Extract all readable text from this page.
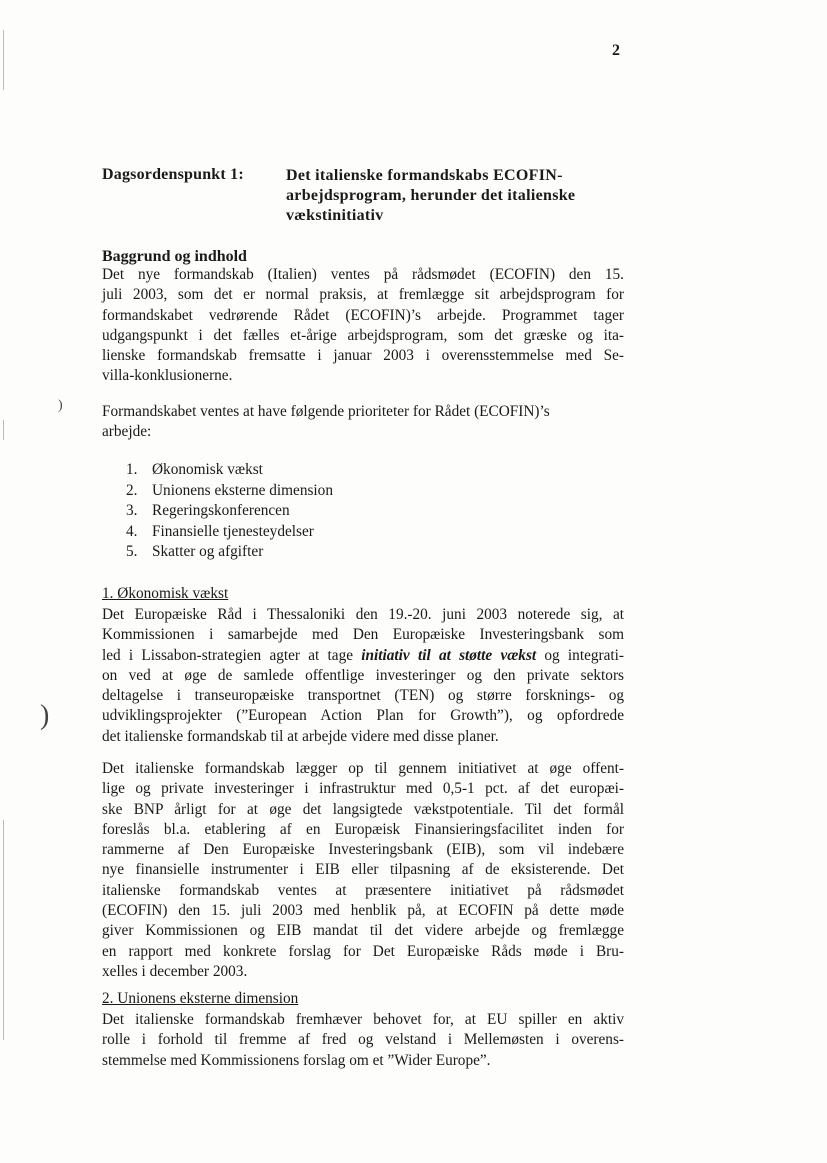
)
)
2
Dagsordenspunkt 1:	Det italienske formandskabs ECOFIN-
arbejdsprogram, herunder det italienske
vækstinitiativ
Baggrund og indhold
Det nye formandskab (Italien) ventes på rådsmødet (ECOFIN) den 15.
juli 2003, som det er normal praksis, at fremlægge sit arbejdsprogram for
formandskabet vedrørende Rådet (ECOFIN)’s arbejde. Programmet tager
udgangspunkt i det fælles et-årige arbejdsprogram, som det græske og ita-
lienske formandskab fremsatte i januar 2003 i overensstemmelse med Se-
villa-konklusionerne.
Formandskabet ventes at have følgende prioriteter for Rådet (ECOFIN)’s
arbejde:
1. Økonomisk vækst
2. Unionens eksterne dimension
3. Regeringskonferencen
4. Finansielle tjenesteydelser
5. Skatter og afgifter
1. Økonomisk vækst
Det Europæiske Råd i Thessaloniki den 19.-20. juni 2003 noterede sig, at
Kommissionen i samarbejde med Den Europæiske Investeringsbank som
led i Lissabon-strategien agter at tage initiativ til at støtte vækst og integrati-
on ved at øge de samlede offentlige investeringer og den private sektors
deltagelse i transeuropæiske transportnet (TEN) og større forsknings- og
udviklingsprojekter (”European Action Plan for Growth”), og opfordrede
det italienske formandskab til at arbejde videre med disse planer.
Det italienske formandskab lægger op til gennem initiativet at øge offent-
lige og private investeringer i infrastruktur med 0,5-1 pct. af det europæi-
ske BNP årligt for at øge det langsigtede vækstpotentiale. Til det formål
foreslås bl.a. etablering af en Europæisk Finansieringsfacilitet inden for
rammerne af Den Europæiske Investeringsbank (EIB), som vil indebære
nye finansielle instrumenter i EIB eller tilpasning af de eksisterende. Det
italienske formandskab ventes at præsentere initiativet på rådsmødet
(ECOFIN) den 15. juli 2003 med henblik på, at ECOFIN på dette møde
giver Kommissionen og EIB mandat til det videre arbejde og fremlægge
en rapport med konkrete forslag for Det Europæiske Råds møde i Bru-
xelles i december 2003.
2. Unionens eksterne dimension
Det italienske formandskab fremhæver behovet for, at EU spiller en aktiv
rolle i forhold til fremme af fred og velstand i Mellemøsten i overens-
stemmelse med Kommissionens forslag om et ”Wider Europe”.
